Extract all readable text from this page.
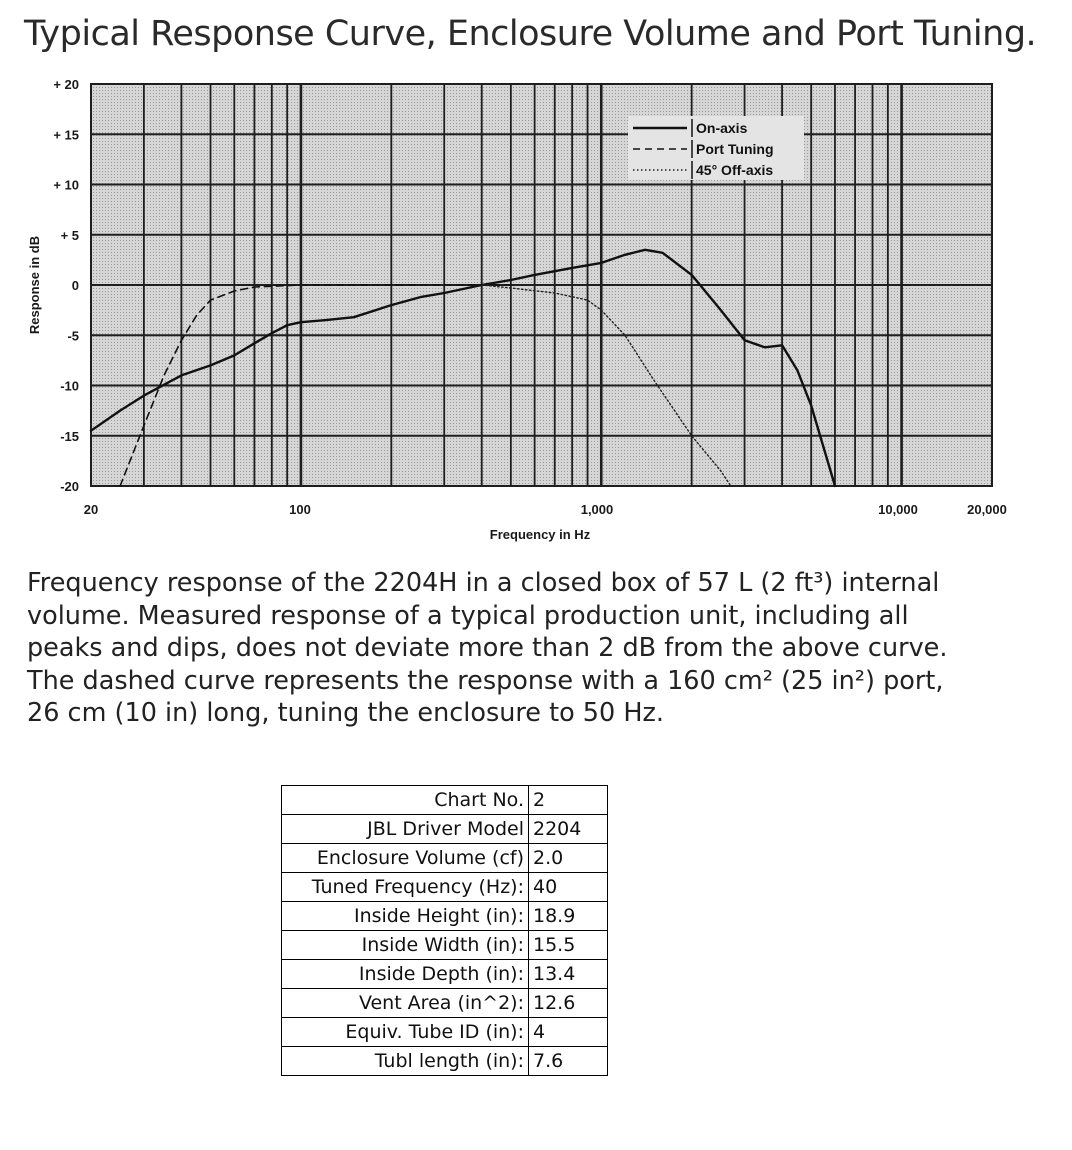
Typical Response Curve, Enclosure Volume and Port Tuning.
+ 20
+ 15
+ 10
+ 5
0
-5
-10
-15
-20
20	100	1,000	10,000	20,000
Frequency in Hz
Response in dB
On-axis
Port Tuning
45° Off-axis
Frequency response of the 2204H in a closed box of 57 L (2 ft³) internal
volume. Measured response of a typical production unit, including all
peaks and dips, does not deviate more than 2 dB from the above curve.
The dashed curve represents the response with a 160 cm² (25 in²) port,
26 cm (10 in) long, tuning the enclosure to 50 Hz.
Chart No.	2
JBL Driver Model	2204
Enclosure Volume (cf)	2.0
Tuned Frequency (Hz):	40
Inside Height (in):	18.9
Inside Width (in):	15.5
Inside Depth (in):	13.4
Vent Area (in^2):	12.6
Equiv. Tube ID (in):	4
Tubl length (in):	7.6
